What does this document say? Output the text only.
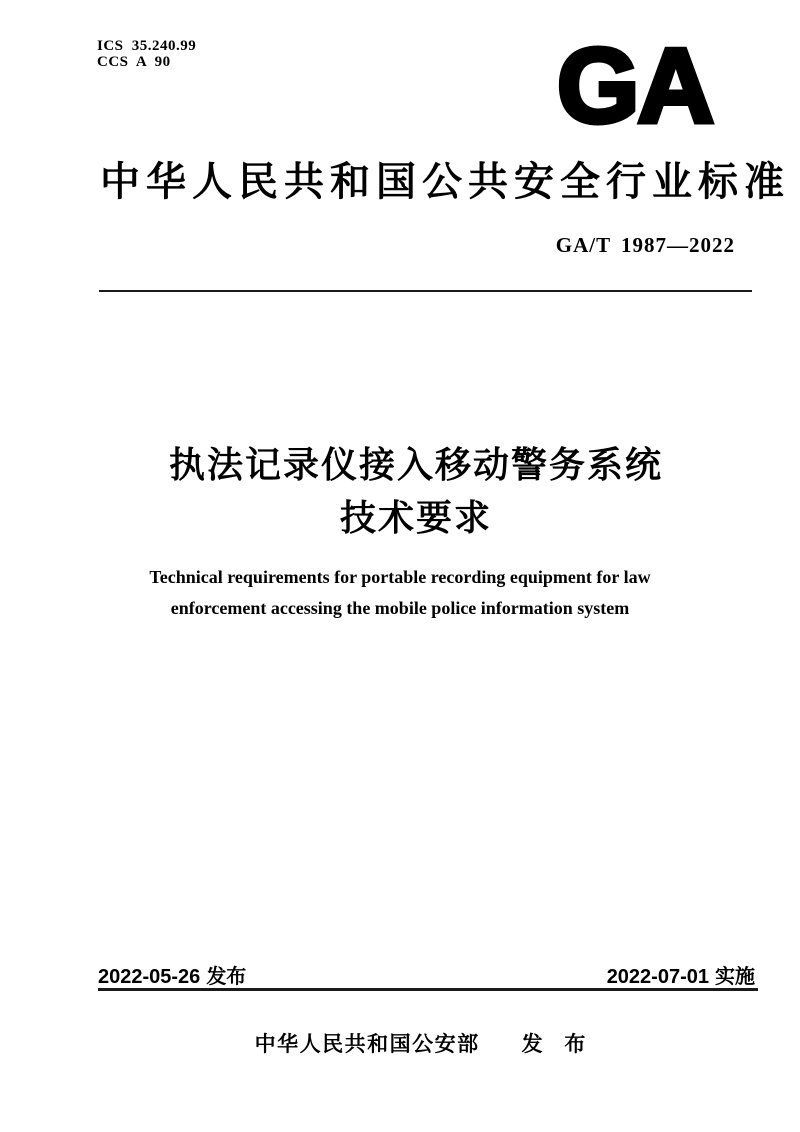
ICS 35.240.99
CCS A 90	GA
中华人民共和国公共安全行业标准
GA/T 1987—2022
执法记录仪接入移动警务系统
技术要求
Technical requirements for portable recording equipment for law
enforcement accessing the mobile police information system
2022-05-26 发布	2022-07-01 实施
中华人民共和国公安部 发 布
